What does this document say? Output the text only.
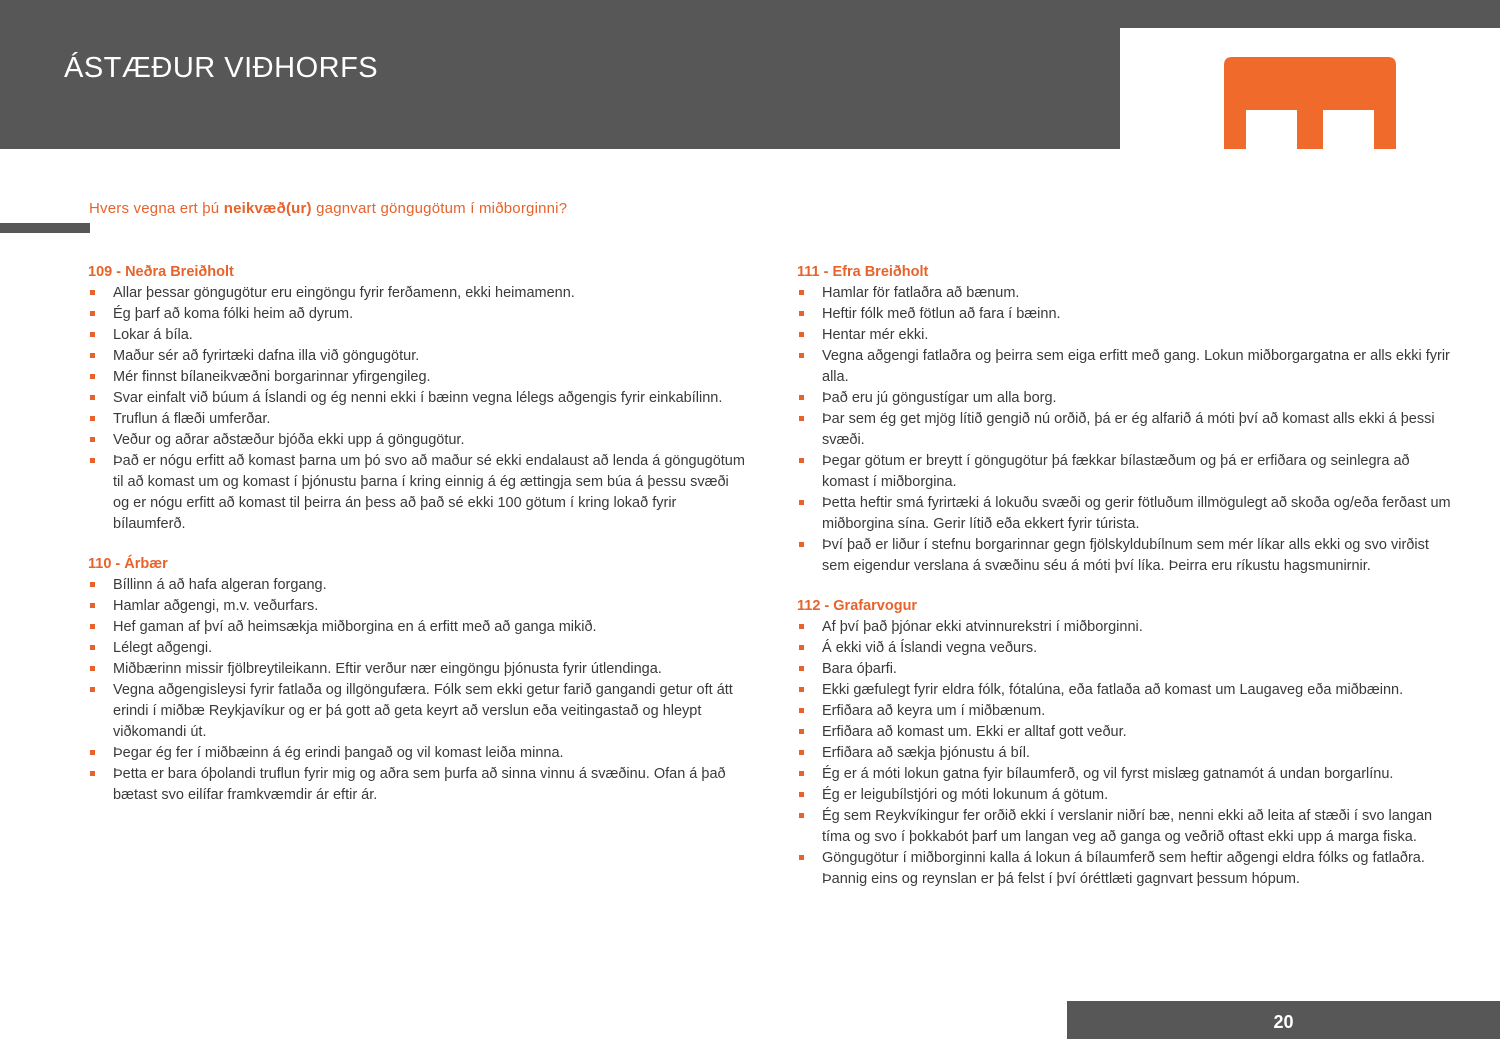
ÁSTÆÐUR VIÐHORFS
Hvers vegna ert þú neikvæð(ur) gagnvart göngugötum í miðborginni?
109 - Neðra Breiðholt
Allar þessar göngugötur eru eingöngu fyrir ferðamenn, ekki heimamenn.
Ég þarf að koma fólki heim að dyrum.
Lokar á bíla.
Maður sér að fyrirtæki dafna illa við göngugötur.
Mér finnst bílaneikvæðni borgarinnar yfirgengileg.
Svar einfalt við búum á Íslandi og ég nenni ekki í bæinn vegna lélegs aðgengis fyrir einkabílinn.
Truflun á flæði umferðar.
Veður og aðrar aðstæður bjóða ekki upp á göngugötur.
Það er nógu erfitt að komast þarna um þó svo að maður sé ekki endalaust að lenda á göngugötum til að komast um og komast í þjónustu þarna í kring einnig á ég ættingja sem búa á þessu svæði og er nógu erfitt að komast til þeirra án þess að það sé ekki 100 götum í kring lokað fyrir bílaumferð.
110 - Árbær
Bíllinn á að hafa algeran forgang.
Hamlar aðgengi, m.v. veðurfars.
Hef gaman af því að heimsækja miðborgina en á erfitt með að ganga mikið.
Lélegt aðgengi.
Miðbærinn missir fjölbreytileikann. Eftir verður nær eingöngu þjónusta fyrir útlendinga.
Vegna aðgengisleysi fyrir fatlaða og illgöngufæra. Fólk sem ekki getur farið gangandi getur oft átt erindi í miðbæ Reykjavíkur og er þá gott að geta keyrt að verslun eða veitingastað og hleypt viðkomandi út.
Þegar ég fer í miðbæinn á ég erindi þangað og vil komast leiða minna.
Þetta er bara óþolandi truflun fyrir mig og aðra sem þurfa að sinna vinnu á svæðinu. Ofan á það bætast svo eilífar framkvæmdir ár eftir ár.
111 - Efra Breiðholt
Hamlar för fatlaðra að bænum.
Heftir fólk með fötlun að fara í bæinn.
Hentar mér ekki.
Vegna aðgengi fatlaðra og þeirra sem eiga erfitt með gang. Lokun miðborgargatna er alls ekki fyrir alla.
Það eru jú göngustígar um alla borg.
Þar sem ég get mjög lítið gengið nú orðið, þá er ég alfarið á móti því að komast alls ekki á þessi svæði.
Þegar götum er breytt í göngugötur þá fækkar bílastæðum og þá er erfiðara og seinlegra að komast í miðborgina.
Þetta heftir smá fyrirtæki á lokuðu svæði og gerir fötluðum illmögulegt að skoða og/eða ferðast um miðborgina sína. Gerir lítið eða ekkert fyrir túrista.
Því það er liður í stefnu borgarinnar gegn fjölskyldubílnum sem mér líkar alls ekki og svo virðist sem eigendur verslana á svæðinu séu á móti því líka. Þeirra eru ríkustu hagsmunirnir.
112 - Grafarvogur
Af því það þjónar ekki atvinnurekstri í miðborginni.
Á ekki við á Íslandi vegna veðurs.
Bara óþarfi.
Ekki gæfulegt fyrir eldra fólk, fótalúna, eða fatlaða að komast um Laugaveg eða miðbæinn.
Erfiðara að keyra um í miðbænum.
Erfiðara að komast um. Ekki er alltaf gott veður.
Erfiðara að sækja þjónustu á bíl.
Ég er á móti lokun gatna fyir bílaumferð, og vil fyrst mislæg gatnamót á undan borgarlínu.
Ég er leigubílstjóri og móti lokunum á götum.
Ég sem Reykvíkingur fer orðið ekki í verslanir niðrí bæ, nenni ekki að leita af stæði í svo langan tíma og svo í þokkabót þarf um langan veg að ganga og veðrið oftast ekki upp á marga fiska.
Göngugötur í miðborginni kalla á lokun á bílaumferð sem heftir aðgengi eldra fólks og fatlaðra. Þannig eins og reynslan er þá felst í því óréttlæti gagnvart þessum hópum.
20
